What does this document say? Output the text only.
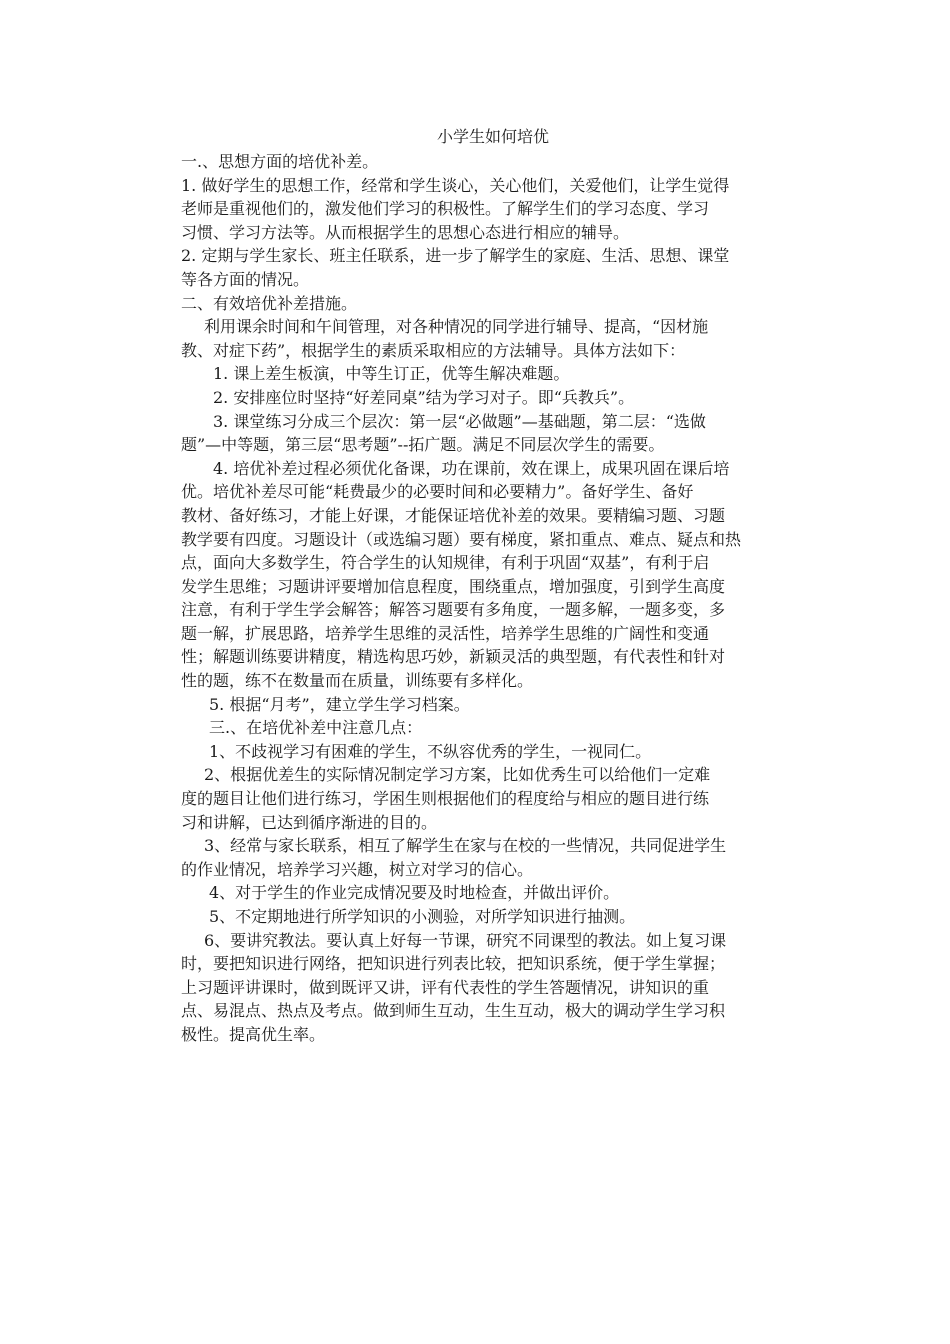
小学生如何培优

一.、思想方面的培优补差。

1. 做好学生的思想工作，经常和学生谈心，关心他们，关爱他们，让学生觉得

老师是重视他们的，激发他们学习的积极性。了解学生们的学习态度、学习

习惯、学习方法等。从而根据学生的思想心态进行相应的辅导。

2. 定期与学生家长、班主任联系，进一步了解学生的家庭、生活、思想、课堂

等各方面的情况。

二、有效培优补差措施。

利用课余时间和午间管理，对各种情况的同学进行辅导、提高，“因材施

教、对症下药”，根据学生的素质采取相应的方法辅导。具体方法如下：

1. 课上差生板演，中等生订正，优等生解决难题。

2. 安排座位时坚持“好差同桌”结为学习对子。即“兵教兵”。

3. 课堂练习分成三个层次：第一层“必做题”—基础题，第二层：“选做

题”—中等题，第三层“思考题”--拓广题。满足不同层次学生的需要。

4. 培优补差过程必须优化备课，功在课前，效在课上，成果巩固在课后培

优。培优补差尽可能“耗费最少的必要时间和必要精力”。备好学生、备好

教材、备好练习，才能上好课，才能保证培优补差的效果。要精编习题、习题

教学要有四度。习题设计（或选编习题）要有梯度，紧扣重点、难点、疑点和热

点，面向大多数学生，符合学生的认知规律，有利于巩固“双基”，有利于启

发学生思维；习题讲评要增加信息程度，围绕重点，增加强度，引到学生高度

注意，有利于学生学会解答；解答习题要有多角度，一题多解，一题多变，多

题一解，扩展思路，培养学生思维的灵活性，培养学生思维的广阔性和变通

性；解题训练要讲精度，精选构思巧妙，新颖灵活的典型题，有代表性和针对

性的题，练不在数量而在质量，训练要有多样化。

5. 根据“月考”，建立学生学习档案。

三.、在培优补差中注意几点：

1、不歧视学习有困难的学生，不纵容优秀的学生，一视同仁。

2、根据优差生的实际情况制定学习方案，比如优秀生可以给他们一定难

度的题目让他们进行练习，学困生则根据他们的程度给与相应的题目进行练

习和讲解，已达到循序渐进的目的。

3、经常与家长联系，相互了解学生在家与在校的一些情况，共同促进学生

的作业情况，培养学习兴趣，树立对学习的信心。

4、对于学生的作业完成情况要及时地检查，并做出评价。

5、不定期地进行所学知识的小测验，对所学知识进行抽测。

6、要讲究教法。要认真上好每一节课，研究不同课型的教法。如上复习课

时，要把知识进行网络，把知识进行列表比较，把知识系统，便于学生掌握；

上习题评讲课时，做到既评又讲，评有代表性的学生答题情况，讲知识的重

点、易混点、热点及考点。做到师生互动，生生互动，极大的调动学生学习积

极性。提高优生率。
